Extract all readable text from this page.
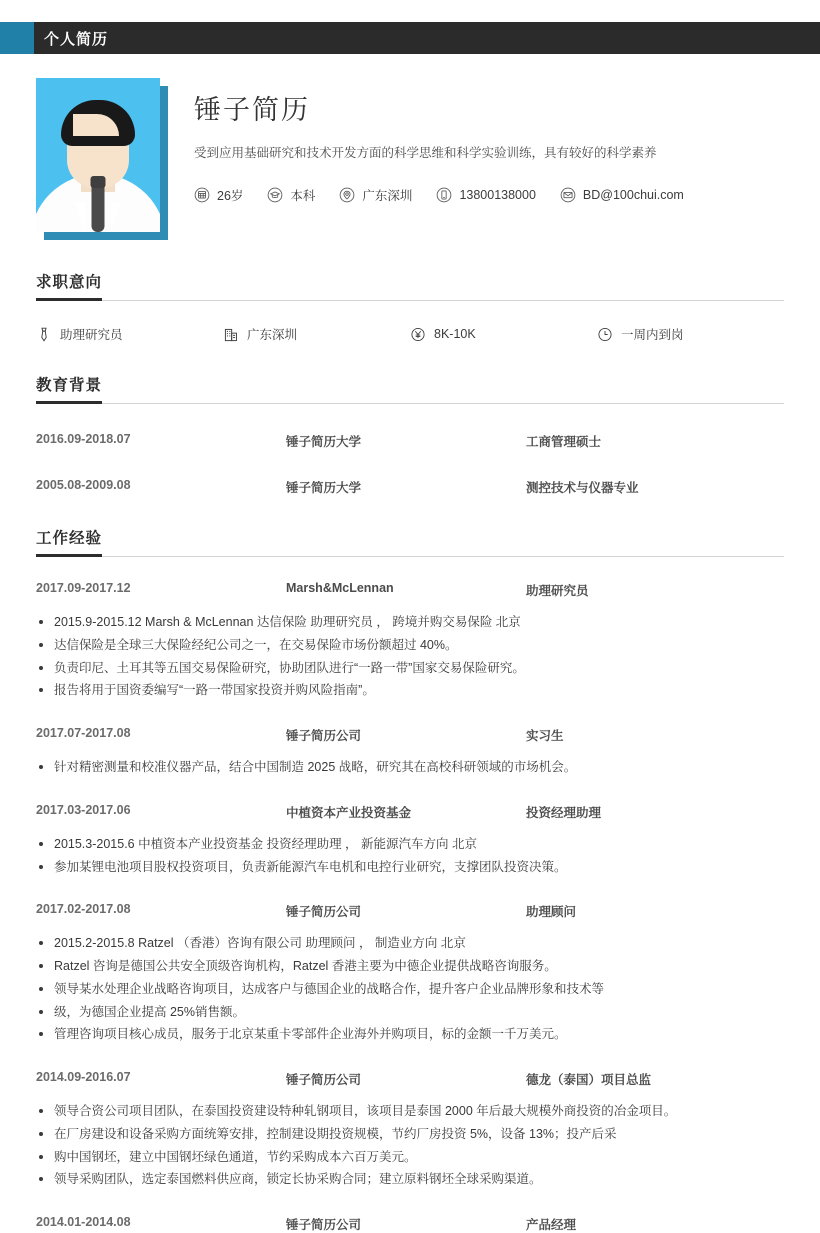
个人简历
锤子简历
受到应用基础研究和技术开发方面的科学思维和科学实验训练，具有较好的科学素养
26岁	本科	广东深圳	13800138000	BD@100chui.com
求职意向
助理研究员	广东深圳	8K-10K	一周内到岗
教育背景
2016.09-2018.07	锤子简历大学	工商管理硕士
2005.08-2009.08	锤子简历大学	测控技术与仪器专业
工作经验
2017.09-2017.12	Marsh&McLennan	助理研究员
2015.9-2015.12 Marsh & McLennan 达信保险 助理研究员 ， 跨境并购交易保险 北京
达信保险是全球三大保险经纪公司之一，在交易保险市场份额超过 40%。
负责印尼、土耳其等五国交易保险研究，协助团队进行“一路一带”国家交易保险研究。
报告将用于国资委编写“一路一带国家投资并购风险指南”。
2017.07-2017.08	锤子简历公司	实习生
针对精密测量和校准仪器产品，结合中国制造 2025 战略，研究其在高校科研领域的市场机会。
2017.03-2017.06	中植资本产业投资基金	投资经理助理
2015.3-2015.6 中植资本产业投资基金 投资经理助理 ， 新能源汽车方向 北京
参加某锂电池项目股权投资项目，负责新能源汽车电机和电控行业研究，支撑团队投资决策。
2017.02-2017.08	锤子简历公司	助理顾问
2015.2-2015.8 Ratzel （香港）咨询有限公司 助理顾问 ， 制造业方向 北京
Ratzel 咨询是德国公共安全顶级咨询机构，Ratzel 香港主要为中德企业提供战略咨询服务。
领导某水处理企业战略咨询项目，达成客户与德国企业的战略合作，提升客户企业品牌形象和技术等
级，为德国企业提高 25%销售额。
管理咨询项目核心成员，服务于北京某重卡零部件企业海外并购项目，标的金额一千万美元。
2014.09-2016.07	锤子简历公司	德龙（泰国）项目总监
领导合资公司项目团队，在泰国投资建设特种轧钢项目，该项目是泰国 2000 年后最大规模外商投资的冶金项目。
在厂房建设和设备采购方面统筹安排，控制建设期投资规模，节约厂房投资 5%，设备 13%；投产后采
购中国钢坯，建立中国钢坯绿色通道，节约采购成本六百万美元。
领导采购团队，选定泰国燃料供应商，锁定长协采购合同；建立原料钢坯全球采购渠道。
2014.01-2014.08	锤子简历公司	产品经理
